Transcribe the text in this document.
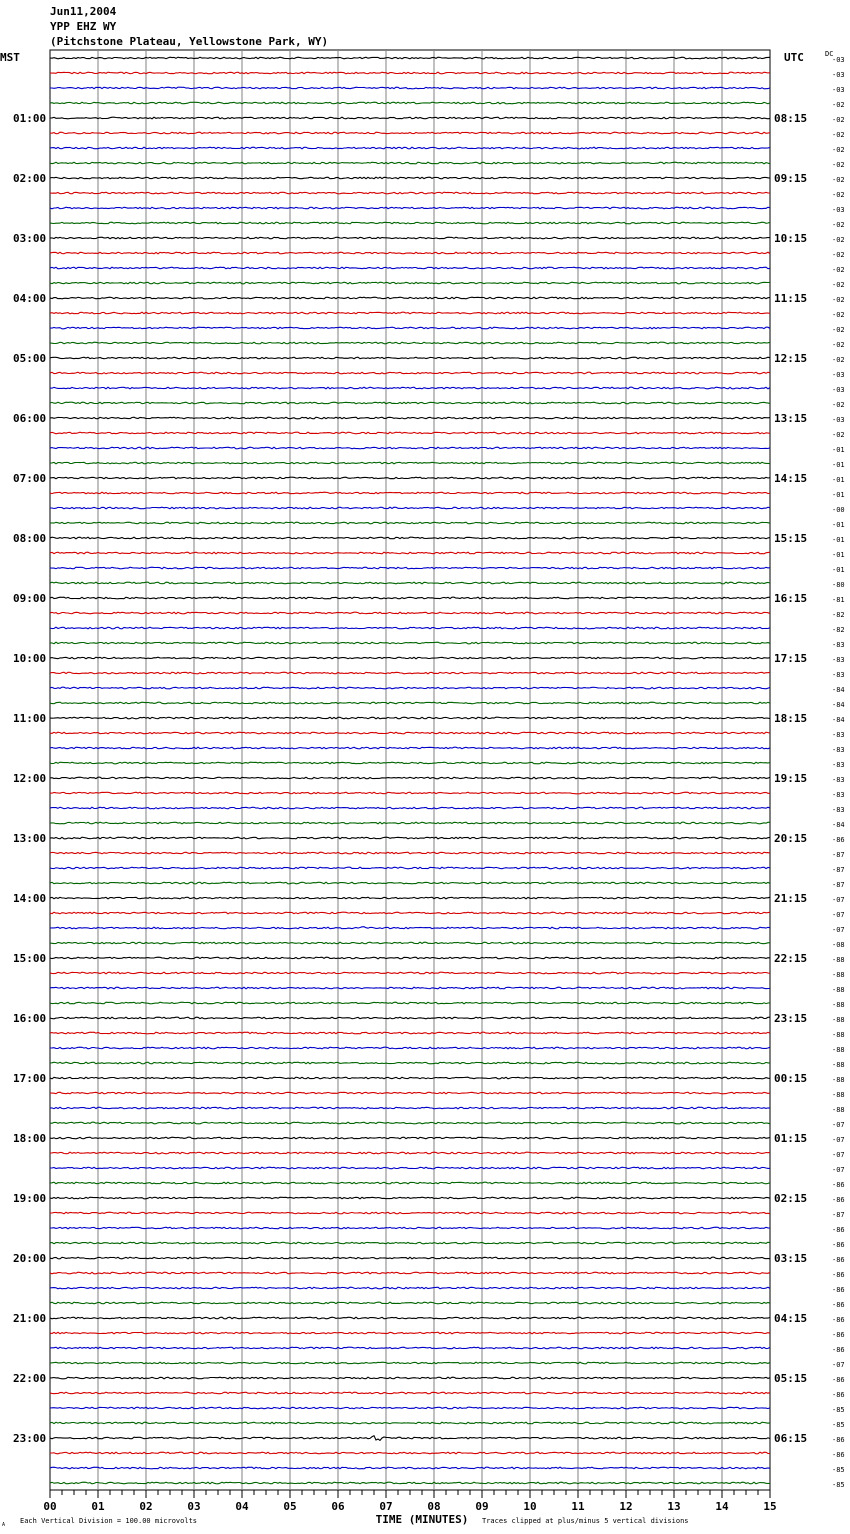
-03
-03
-03
-02
-02
-02
-02
-02
-02
-02
-03
-02
-02
-02
-02
-02
-02
-02
-02
-02
-02
-03
-03
-02
-03
-02
-01
-01
-01
-01
-00
-01
-01
-01
-01
-80
-81
-82
-82
-83
-83
-83
-84
-84
-84
-83
-83
-83
-83
-83
-83
-84
-86
-87
-87
-87
-07
-07
-07
-08
-88
-88
-88
-88
-88
-88
-88
-88
-88
-88
-88
-07
-07
-07
-07
-86
-86
-87
-86
-86
-86
-86
-86
-86
-86
-86
-86
-07
-86
-86
-85
-85
-86
-86
-85
-85
01:00
02:00
03:00
04:00
05:00
06:00
07:00
08:00
09:00
10:00
11:00
12:00
13:00
14:00
15:00
16:00
17:00
18:00
19:00
20:00
21:00
22:00
23:00
08:15
09:15
10:15
11:15
12:15
13:15
14:15
15:15
16:15
17:15
18:15
19:15
20:15
21:15
22:15
23:15
00:15
01:15
02:15
03:15
04:15
05:15
06:15
MST	UTC	DC
00	01	02	03	04	05	06	07	08	09	10	11	12	13	14	15
TIME (MINUTES)
Each Vertical Division = 100.00 microvolts	Traces clipped at plus/minus 5 vertical divisions
A
Jun11,2004
YPP EHZ WY
(Pitchstone Plateau, Yellowstone Park, WY)
